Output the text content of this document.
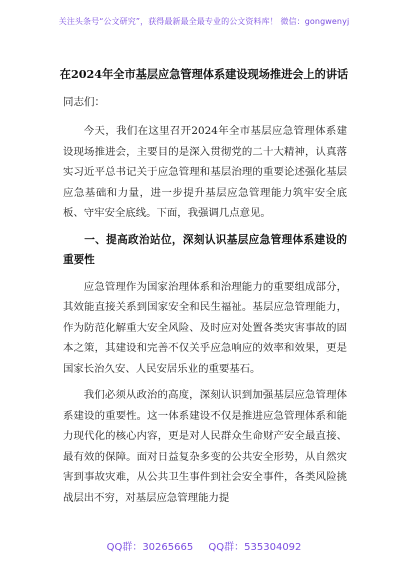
关注头条号“公文研究”，获得最新最全最专业的公文资料库！ 微信：gongwenyj
在2024年全市基层应急管理体系建设现场推进会上的讲话
同志们：

今天，我们在这里召开2024年全市基层应急管理体系建设现场推进会，主要目的是深入贯彻党的二十大精神，认真落实习近平总书记关于应急管理和基层治理的重要论述强化基层应急基础和力量，进一步提升基层应急管理能力筑牢安全底板、守牢安全底线。下面，我强调几点意见。

一、提高政治站位，深刻认识基层应急管理体系建设的重要性

应急管理作为国家治理体系和治理能力的重要组成部分，其效能直接关系到国家安全和民生福祉。基层应急管理能力，作为防范化解重大安全风险、及时应对处置各类灾害事故的固本之策，其建设和完善不仅关乎应急响应的效率和效果，更是国家长治久安、人民安居乐业的重要基石。

我们必须从政治的高度，深刻认识到加强基层应急管理体系建设的重要性。这一体系建设不仅是推进应急管理体系和能力现代化的核心内容，更是对人民群众生命财产安全最直接、最有效的保障。面对日益复杂多变的公共安全形势，从自然灾害到事故灾难，从公共卫生事件到社会安全事件，各类风险挑战层出不穷，对基层应急管理能力提

QQ群：30265665 QQ群：535304092
